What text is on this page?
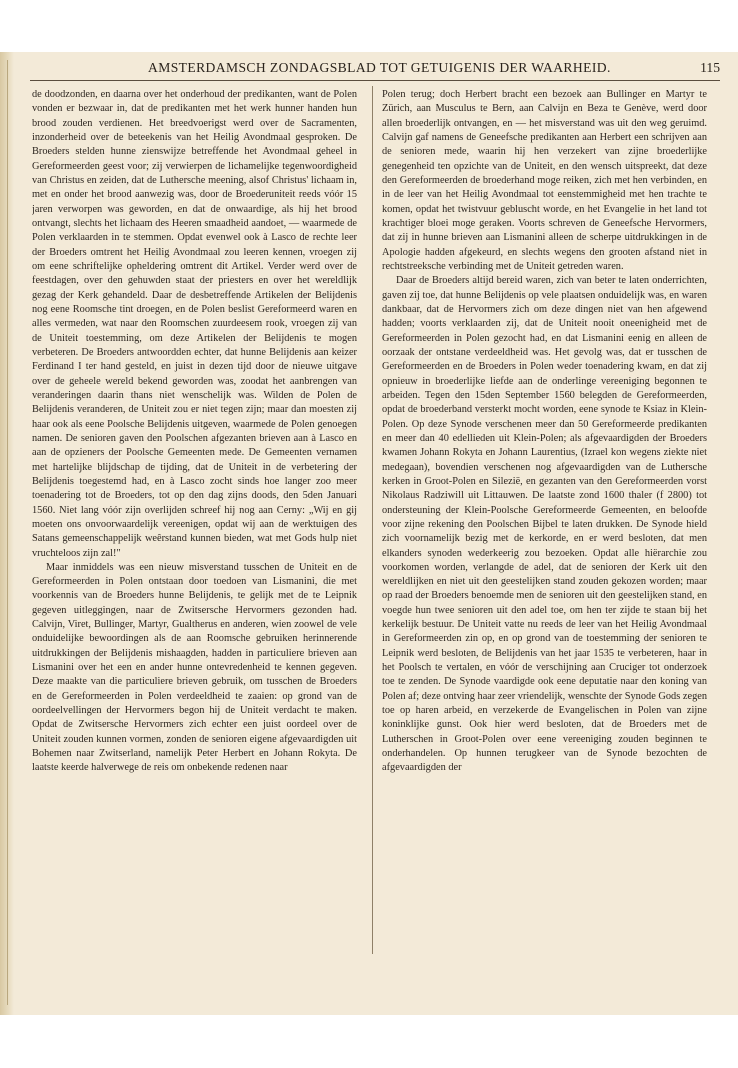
AMSTERDAMSCH ZONDAGSBLAD TOT GETUIGENIS DER WAARHEID.	115

de doodzonden, en daarna over het onderhoud der predikanten, want de Polen vonden er bezwaar in, dat de predikanten met het werk hunner handen hun brood zouden verdienen. Het breedvoerigst werd over de Sacramenten, inzonderheid over de beteekenis van het Heilig Avondmaal gesproken. De Broeders stelden hunne zienswijze betreffende het Avondmaal geheel in Gereformeerden geest voor; zij verwierpen de lichamelijke tegenwoordigheid van Christus en zeiden, dat de Luthersche meening, alsof Christus' lichaam in, met en onder het brood aanwezig was, door de Broederuniteit reeds vóór 15 jaren verworpen was geworden, en dat de onwaardige, als hij het brood ontvangt, slechts het lichaam des Heeren smaadheid aandoet, — waarmede de Polen verklaarden in te stemmen. Opdat evenwel ook à Lasco de rechte leer der Broeders omtrent het Heilig Avondmaal zou leeren kennen, vroegen zij om eene schriftelijke opheldering omtrent dit Artikel. Verder werd over de feestdagen, over den gehuwden staat der priesters en over het wereldlijk gezag der Kerk gehandeld. Daar de desbetreffende Artikelen der Belijdenis nog eene Roomsche tint droegen, en de Polen beslist Gereformeerd waren en alles vermeden, wat naar den Roomschen zuurdeesem rook, vroegen zij van de Uniteit toestemming, om deze Artikelen der Belijdenis te mogen verbeteren. De Broeders antwoordden echter, dat hunne Belijdenis aan keizer Ferdinand I ter hand gesteld, en juist in dezen tijd door de nieuwe uitgave over de geheele wereld bekend geworden was, zoodat het aanbrengen van veranderingen daarin thans niet wenschelijk was. Wilden de Polen de Belijdenis veranderen, de Uniteit zou er niet tegen zijn; maar dan moesten zij haar ook als eene Poolsche Belijdenis uitgeven, waarmede de Polen genoegen namen. De senioren gaven den Poolschen afgezanten brieven aan à Lasco en aan de opzieners der Poolsche Gemeenten mede. De Gemeenten vernamen met hartelijke blijdschap de tijding, dat de Uniteit in de verbetering der Belijdenis toegestemd had, en à Lasco zocht sinds hoe langer zoo meer toenadering tot de Broeders, tot op den dag zijns doods, den 5den Januari 1560. Niet lang vóór zijn overlijden schreef hij nog aan Cerny: „Wij en gij moeten ons onvoorwaardelijk vereenigen, opdat wij aan de werktuigen des Satans gemeenschappelijk weêrstand kunnen bieden, wat met Gods hulp niet vruchteloos zijn zal!"

Maar inmiddels was een nieuw misverstand tusschen de Uniteit en de Gereformeerden in Polen ontstaan door toedoen van Lismanini, die met voorkennis van de Broeders hunne Belijdenis, te gelijk met de te Leipnik gegeven uitleggingen, naar de Zwitsersche Hervormers gezonden had. Calvijn, Viret, Bullinger, Martyr, Gualtherus en anderen, wien zoowel de vele onduidelijke bewoordingen als de aan Roomsche gebruiken herinnerende uitdrukkingen der Belijdenis mishaagden, hadden in particuliere brieven aan Lismanini over het een en ander hunne ontevredenheid te kennen gegeven. Deze maakte van die particuliere brieven gebruik, om tusschen de Broeders en de Gereformeerden in Polen verdeeldheid te zaaien: op grond van de oordeelvellingen der Hervormers begon hij de Uniteit verdacht te maken. Opdat de Zwitsersche Hervormers zich echter een juist oordeel over de Uniteit zouden kunnen vormen, zonden de senioren eigene afgevaardigden uit Bohemen naar Zwitserland, namelijk Peter Herbert en Johann Rokyta. De laatste keerde halverwege de reis om onbekende redenen naar

Polen terug; doch Herbert bracht een bezoek aan Bullinger en Martyr te Zürich, aan Musculus te Bern, aan Calvijn en Beza te Genève, werd door allen broederlijk ontvangen, en — het misverstand was uit den weg geruimd. Calvijn gaf namens de Geneefsche predikanten aan Herbert een schrijven aan de senioren mede, waarin hij hen verzekert van zijne broederlijke genegenheid ten opzichte van de Uniteit, en den wensch uitspreekt, dat deze den Gereformeerden de broederhand moge reiken, zich met hen verbinden, en in de leer van het Heilig Avondmaal tot eenstemmigheid met hen trachte te komen, opdat het twistvuur gebluscht worde, en het Evangelie in het land tot krachtiger bloei moge geraken. Voorts schreven de Geneefsche Hervormers, dat zij in hunne brieven aan Lismanini alleen de scherpe uitdrukkingen in de Apologie hadden afgekeurd, en slechts wegens den grooten afstand niet in rechtstreeksche verbinding met de Uniteit getreden waren.

Daar de Broeders altijd bereid waren, zich van beter te laten onderrichten, gaven zij toe, dat hunne Belijdenis op vele plaatsen onduidelijk was, en waren dankbaar, dat de Hervormers zich om deze dingen niet van hen afgewend hadden; voorts verklaarden zij, dat de Uniteit nooit oneenigheid met de Gereformeerden in Polen gezocht had, en dat Lismanini eenig en alleen de oorzaak der ontstane verdeeldheid was. Het gevolg was, dat er tusschen de Gereformeerden en de Broeders in Polen weder toenadering kwam, en dat zij opnieuw in broederlijke liefde aan de onderlinge vereeniging begonnen te arbeiden. Tegen den 15den September 1560 belegden de Gereformeerden, opdat de broederband versterkt mocht worden, eene synode te Ksiaz in Klein-Polen. Op deze Synode verschenen meer dan 50 Gereformeerde predikanten en meer dan 40 edellieden uit Klein-Polen; als afgevaardigden der Broeders kwamen Johann Rokyta en Johann Laurentius, (Izrael kon wegens ziekte niet medegaan), bovendien verschenen nog afgevaardigden van de Luthersche kerken in Groot-Polen en Silezië, en gezanten van den Gereformeerden vorst Nikolaus Radziwill uit Littauwen. De laatste zond 1600 thaler (f 2800) tot ondersteuning der Klein-Poolsche Gereformeerde Gemeenten, en beloofde voor zijne rekening den Poolschen Bijbel te laten drukken. De Synode hield zich voornamelijk bezig met de kerkorde, en er werd besloten, dat men elkanders synoden wederkeerig zou bezoeken. Opdat alle hiërarchie zou voorkomen worden, verlangde de adel, dat de senioren der Kerk uit den wereldlijken en niet uit den geestelijken stand zouden gekozen worden; maar op raad der Broeders benoemde men de senioren uit den geestelijken stand, en voegde hun twee senioren uit den adel toe, om hen ter zijde te staan bij het kerkelijk bestuur. De Uniteit vatte nu reeds de leer van het Heilig Avondmaal in Gereformeerden zin op, en op grond van de toestemming der senioren te Leipnik werd besloten, de Belijdenis van het jaar 1535 te verbeteren, haar in het Poolsch te vertalen, en vóór de verschijning aan Cruciger tot onderzoek toe te zenden. De Synode vaardigde ook eene deputatie naar den koning van Polen af; deze ontving haar zeer vriendelijk, wenschte der Synode Gods zegen toe op haren arbeid, en verzekerde de Evangelischen in Polen van zijne koninklijke gunst. Ook hier werd besloten, dat de Broeders met de Lutherschen in Groot-Polen over eene vereeniging zouden beginnen te onderhandelen. Op hunnen terugkeer van de Synode bezochten de afgevaardigden der
